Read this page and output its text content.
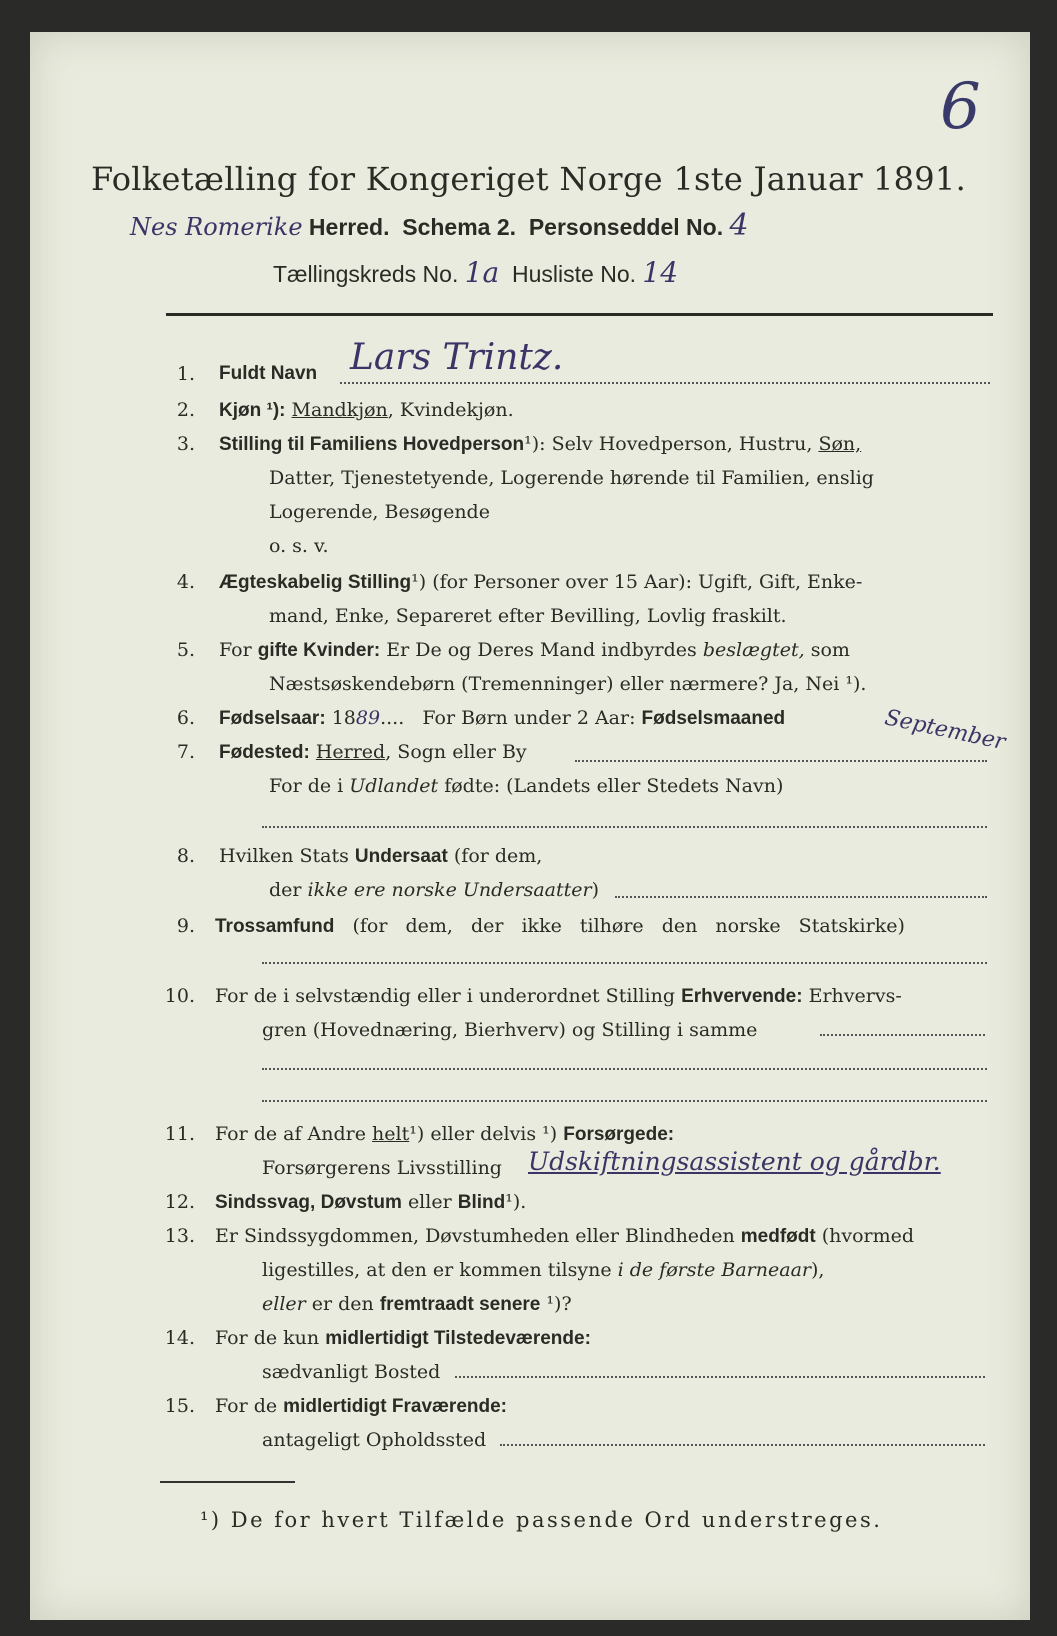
6
Folketælling for Kongeriget Norge 1ste Januar 1891.
Nes Romerike Herred. Schema 2. Personseddel No. 4
Tællingskreds No. 1a Husliste No. 14
1. Fuldt Navn Lars Trintz.
2. Kjøn ¹): Mandkjøn, Kvindekjøn.
3. Stilling til Familiens Hovedperson¹): Selv Hovedperson, Hustru, Søn,
Datter, Tjenestetyende, Logerende hørende til Familien, enslig
Logerende, Besøgende
o. s. v.
4. Ægteskabelig Stilling¹) (for Personer over 15 Aar): Ugift, Gift, Enke-
mand, Enke, Separeret efter Bevilling, Lovlig fraskilt.
5. For gifte Kvinder: Er De og Deres Mand indbyrdes beslægtet, som
Næstsøskendebørn (Tremenninger) eller nærmere? Ja, Nei ¹).
6. Fødselsaar: 1889....   For Børn under 2 Aar: Fødselsmaaned	September
7. Fødested: Herred, Sogn eller By
For de i Udlandet fødte: (Landets eller Stedets Navn)
8. Hvilken Stats Undersaat (for dem,
der ikke ere norske Undersaatter)
9. Trossamfund (for dem, der ikke tilhøre den norske Statskirke)
10. For de i selvstændig eller i underordnet Stilling Erhvervende: Erhvervs-
gren (Hovednæring, Bierhverv) og Stilling i samme
11. For de af Andre helt¹) eller delvis ¹) Forsørgede:
Forsørgerens Livsstilling Udskiftningsassistent og gårdbr.
12. Sindssvag, Døvstum eller Blind¹).
13. Er Sindssygdommen, Døvstumheden eller Blindheden medfødt (hvormed
ligestilles, at den er kommen tilsyne i de første Barneaar),
eller er den fremtraadt senere ¹)?
14. For de kun midlertidigt Tilstedeværende:
sædvanligt Bosted
15. For de midlertidigt Fraværende:
antageligt Opholdssted
¹) De for hvert Tilfælde passende Ord understreges.
